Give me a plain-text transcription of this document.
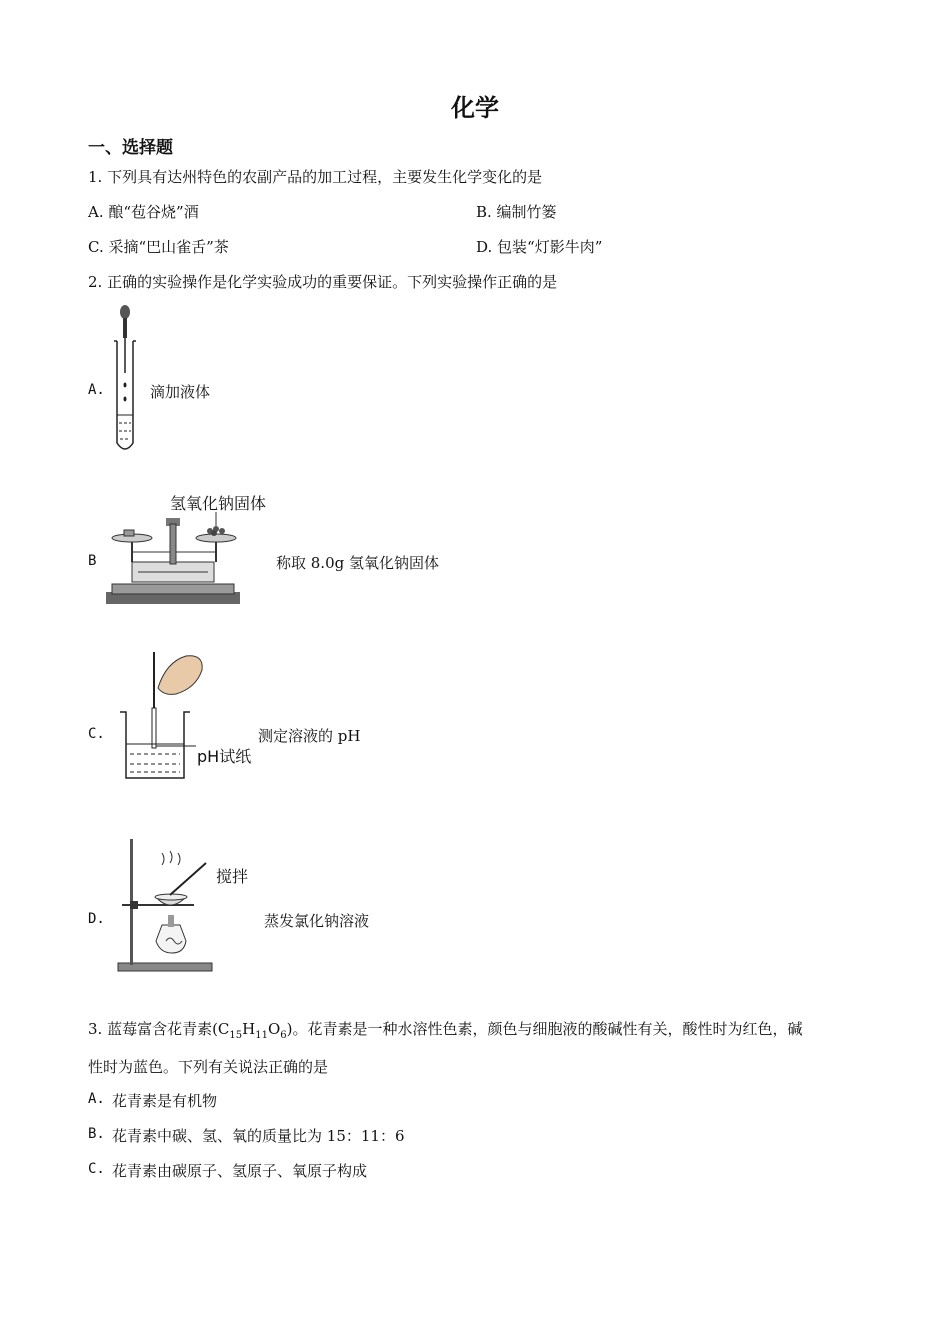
化学
一、选择题
1. 下列具有达州特色的农副产品的加工过程，主要发生化学变化的是
A. 酿“苞谷烧”酒	B. 编制竹篓
C. 采摘“巴山雀舌”茶	D. 包装“灯影牛肉”
2. 正确的实验操作是化学实验成功的重要保证。下列实验操作正确的是
A.	滴加液体
B
氢氧化钠固体
称取 8.0g 氢氧化钠固体
C.
pH试纸
测定溶液的 pH
D.
搅拌
蒸发氯化钠溶液
3. 蓝莓富含花青素$(C_{15}H_{11}O_6)$。花青素是一种水溶性色素，颜色与细胞液的酸碱性有关，酸性时为红色，碱
性时为蓝色。下列有关说法正确的是
A. 花青素是有机物
B. 花青素中碳、氢、氧的质量比为 15：11：6
C. 花青素由碳原子、氢原子、氧原子构成
